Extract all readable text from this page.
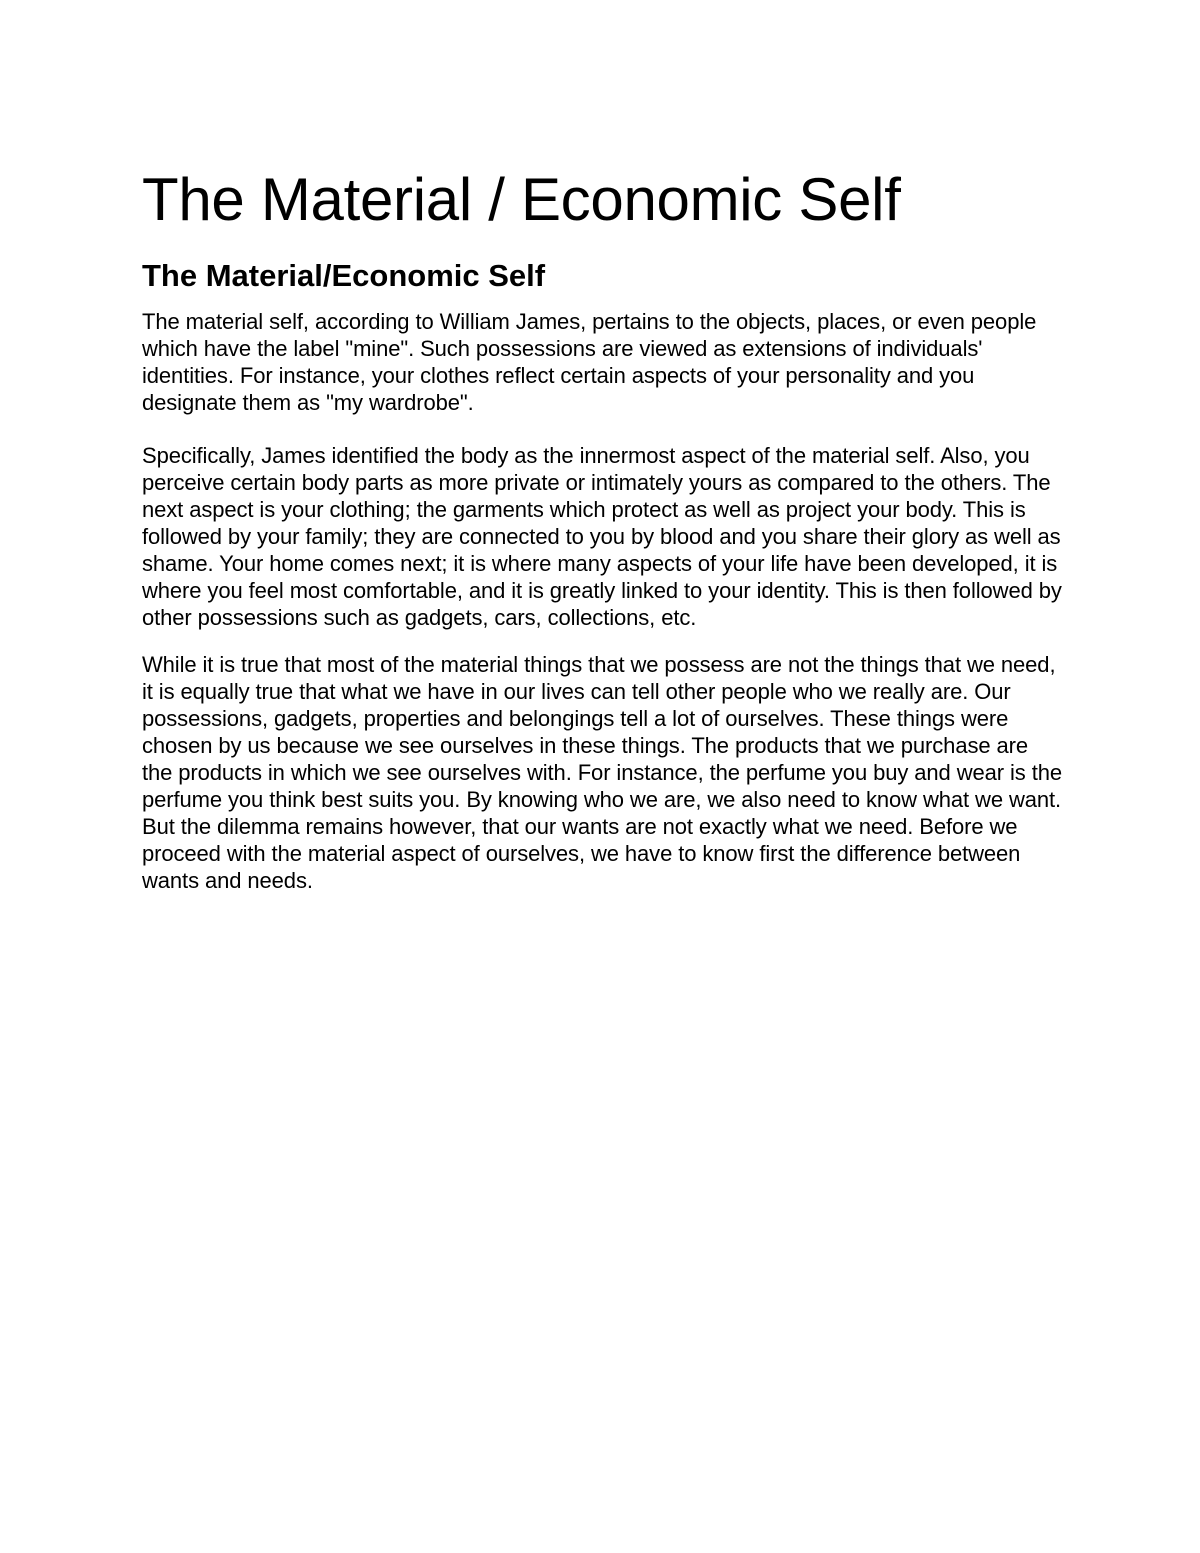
The Material / Economic Self
The Material/Economic Self

The material self, according to William James, pertains to the objects, places, or even people which have the label "mine". Such possessions are viewed as extensions of individuals' identities. For instance, your clothes reflect certain aspects of your personality and you designate them as "my wardrobe".

Specifically, James identified the body as the innermost aspect of the material self. Also, you perceive certain body parts as more private or intimately yours as compared to the others. The next aspect is your clothing; the garments which protect as well as project your body. This is followed by your family; they are connected to you by blood and you share their glory as well as shame. Your home comes next; it is where many aspects of your life have been developed, it is where you feel most comfortable, and it is greatly linked to your identity. This is then followed by other possessions such as gadgets, cars, collections, etc.

While it is true that most of the material things that we possess are not the things that we need, it is equally true that what we have in our lives can tell other people who we really are. Our possessions, gadgets, properties and belongings tell a lot of ourselves. These things were chosen by us because we see ourselves in these things. The products that we purchase are the products in which we see ourselves with. For instance, the perfume you buy and wear is the perfume you think best suits you. By knowing who we are, we also need to know what we want. But the dilemma remains however, that our wants are not exactly what we need. Before we proceed with the material aspect of ourselves, we have to know first the difference between wants and needs.
